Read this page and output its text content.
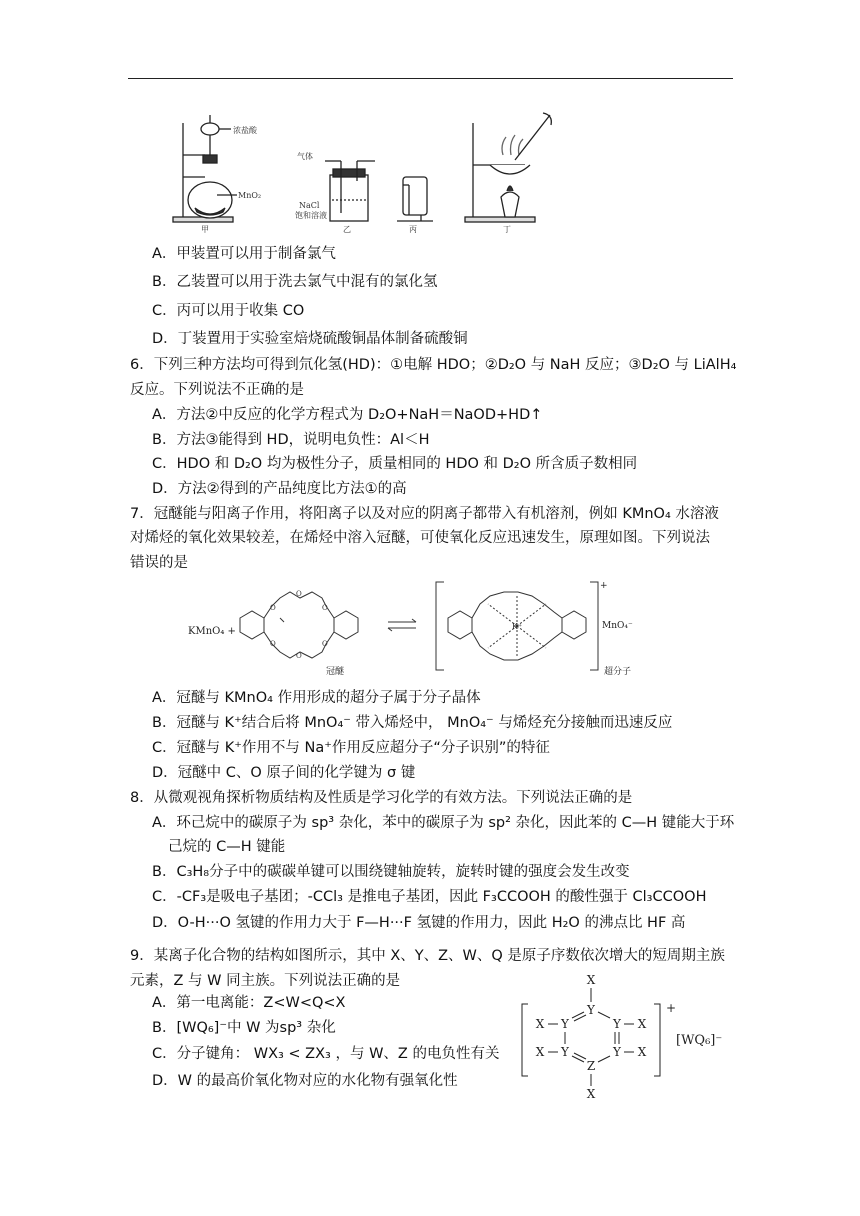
浓盐酸
MnO₂
甲
气体
NaCl
饱和溶液
乙	丙	丁
A．甲装置可以用于制备氯气
B．乙装置可以用于洗去氯气中混有的氯化氢
C．丙可以用于收集 CO
D．丁装置用于实验室焙烧硫酸铜晶体制备硫酸铜
6．下列三种方法均可得到氘化氢(HD)：①电解 HDO；②D₂O 与 NaH 反应；③D₂O 与 LiAlH₄
反应。下列说法不正确的是
A．方法②中反应的化学方程式为 D₂O+NaH＝NaOD+HD↑
B．方法③能得到 HD，说明电负性：Al＜H
C．HDO 和 D₂O 均为极性分子，质量相同的 HDO 和 D₂O 所含质子数相同
D．方法②得到的产品纯度比方法①的高
7．冠醚能与阳离子作用，将阳离子以及对应的阴离子都带入有机溶剂，例如 KMnO₄ 水溶液
对烯烃的氧化效果较差，在烯烃中溶入冠醚，可使氧化反应迅速发生，原理如图。下列说法
错误的是
KMnO₄ +
O
O
O
O
O
O
冠醚
K⁺	MnO₄⁻
+
超分子
A．冠醚与 KMnO₄ 作用形成的超分子属于分子晶体
B．冠醚与 K⁺结合后将 MnO₄⁻ 带入烯烃中， MnO₄⁻ 与烯烃充分接触而迅速反应
C．冠醚与 K⁺作用不与 Na⁺作用反应超分子“分子识别”的特征
D．冠醚中 C、O 原子间的化学键为 σ 键
8．从微观视角探析物质结构及性质是学习化学的有效方法。下列说法正确的是
A．环己烷中的碳原子为 sp³ 杂化，苯中的碳原子为 sp² 杂化，因此苯的 C—H 键能大于环
己烷的 C—H 键能
B．C₃H₈分子中的碳碳单键可以围绕键轴旋转，旋转时键的强度会发生改变
C．-CF₃是吸电子基团；-CCl₃ 是推电子基团，因此 F₃CCOOH 的酸性强于 Cl₃CCOOH
D．O-H···O 氢键的作用力大于 F—H···F 氢键的作用力，因此 H₂O 的沸点比 HF 高
9．某离子化合物的结构如图所示，其中 X、Y、Z、W、Q 是原子序数依次增大的短周期主族
元素，Z 与 W 同主族。下列说法正确的是
A．第一电离能：Z<W<Q<X
B．[WQ₆]⁻中 W 为sp³ 杂化
C．分子键角： WX₃ < ZX₃ ，与 W、Z 的电负性有关
D．W 的最高价氧化物对应的水化物有强氧化性
X
Y
Y	Y
Y	Y
Z
X
X
X
X
X
+
[WQ₆]⁻
